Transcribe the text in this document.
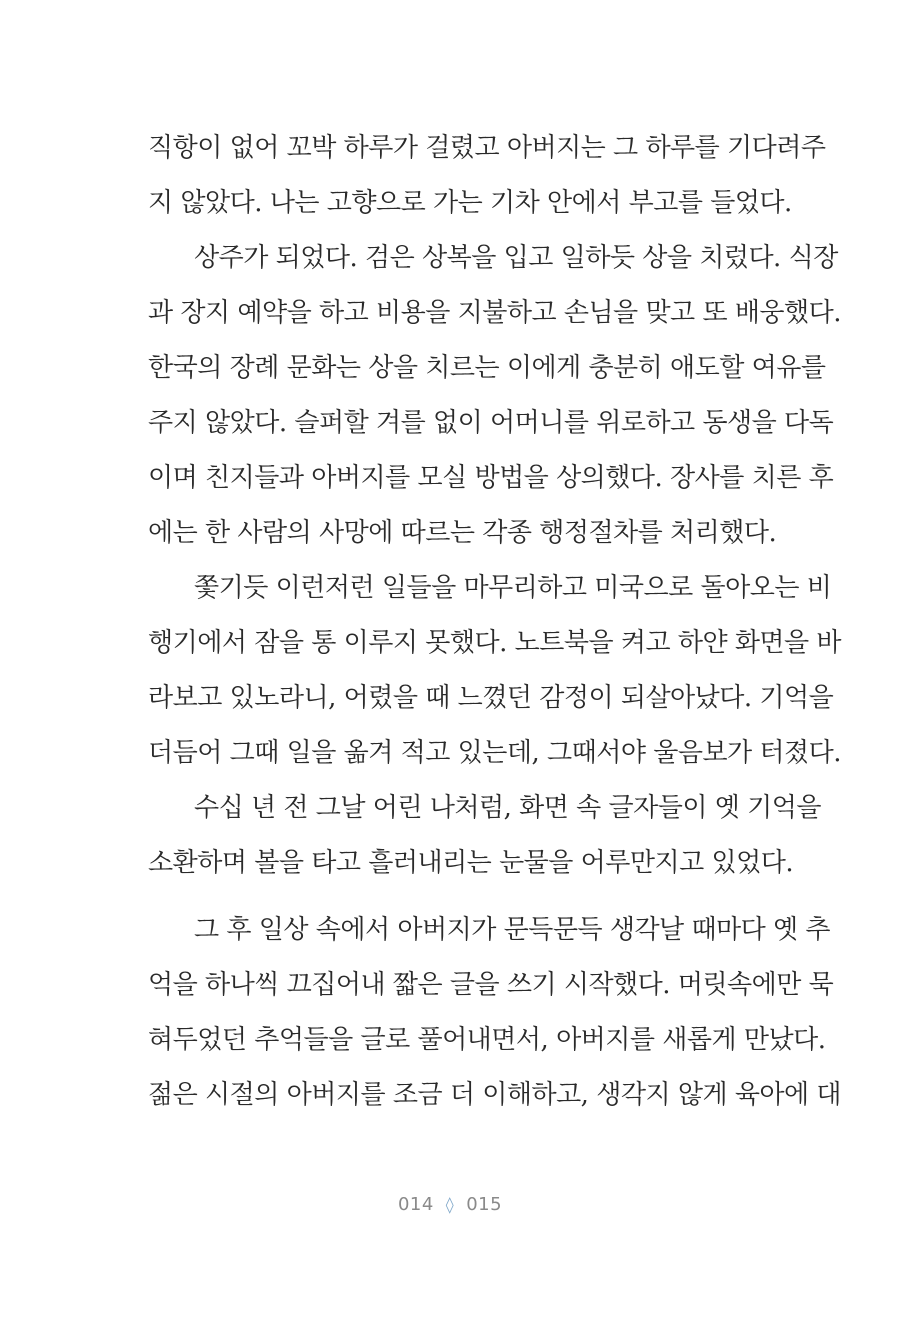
직항이 없어 꼬박 하루가 걸렸고 아버지는 그 하루를 기다려주
지 않았다. 나는 고향으로 가는 기차 안에서 부고를 들었다.
상주가 되었다. 검은 상복을 입고 일하듯 상을 치렀다. 식장
과 장지 예약을 하고 비용을 지불하고 손님을 맞고 또 배웅했다.
한국의 장례 문화는 상을 치르는 이에게 충분히 애도할 여유를
주지 않았다. 슬퍼할 겨를 없이 어머니를 위로하고 동생을 다독
이며 친지들과 아버지를 모실 방법을 상의했다. 장사를 치른 후
에는 한 사람의 사망에 따르는 각종 행정절차를 처리했다.
쫓기듯 이런저런 일들을 마무리하고 미국으로 돌아오는 비
행기에서 잠을 통 이루지 못했다. 노트북을 켜고 하얀 화면을 바
라보고 있노라니, 어렸을 때 느꼈던 감정이 되살아났다. 기억을
더듬어 그때 일을 옮겨 적고 있는데, 그때서야 울음보가 터졌다.
수십 년 전 그날 어린 나처럼, 화면 속 글자들이 옛 기억을
소환하며 볼을 타고 흘러내리는 눈물을 어루만지고 있었다.
그 후 일상 속에서 아버지가 문득문득 생각날 때마다 옛 추
억을 하나씩 끄집어내 짧은 글을 쓰기 시작했다. 머릿속에만 묵
혀두었던 추억들을 글로 풀어내면서, 아버지를 새롭게 만났다.
젊은 시절의 아버지를 조금 더 이해하고, 생각지 않게 육아에 대
014 ◊ 015
